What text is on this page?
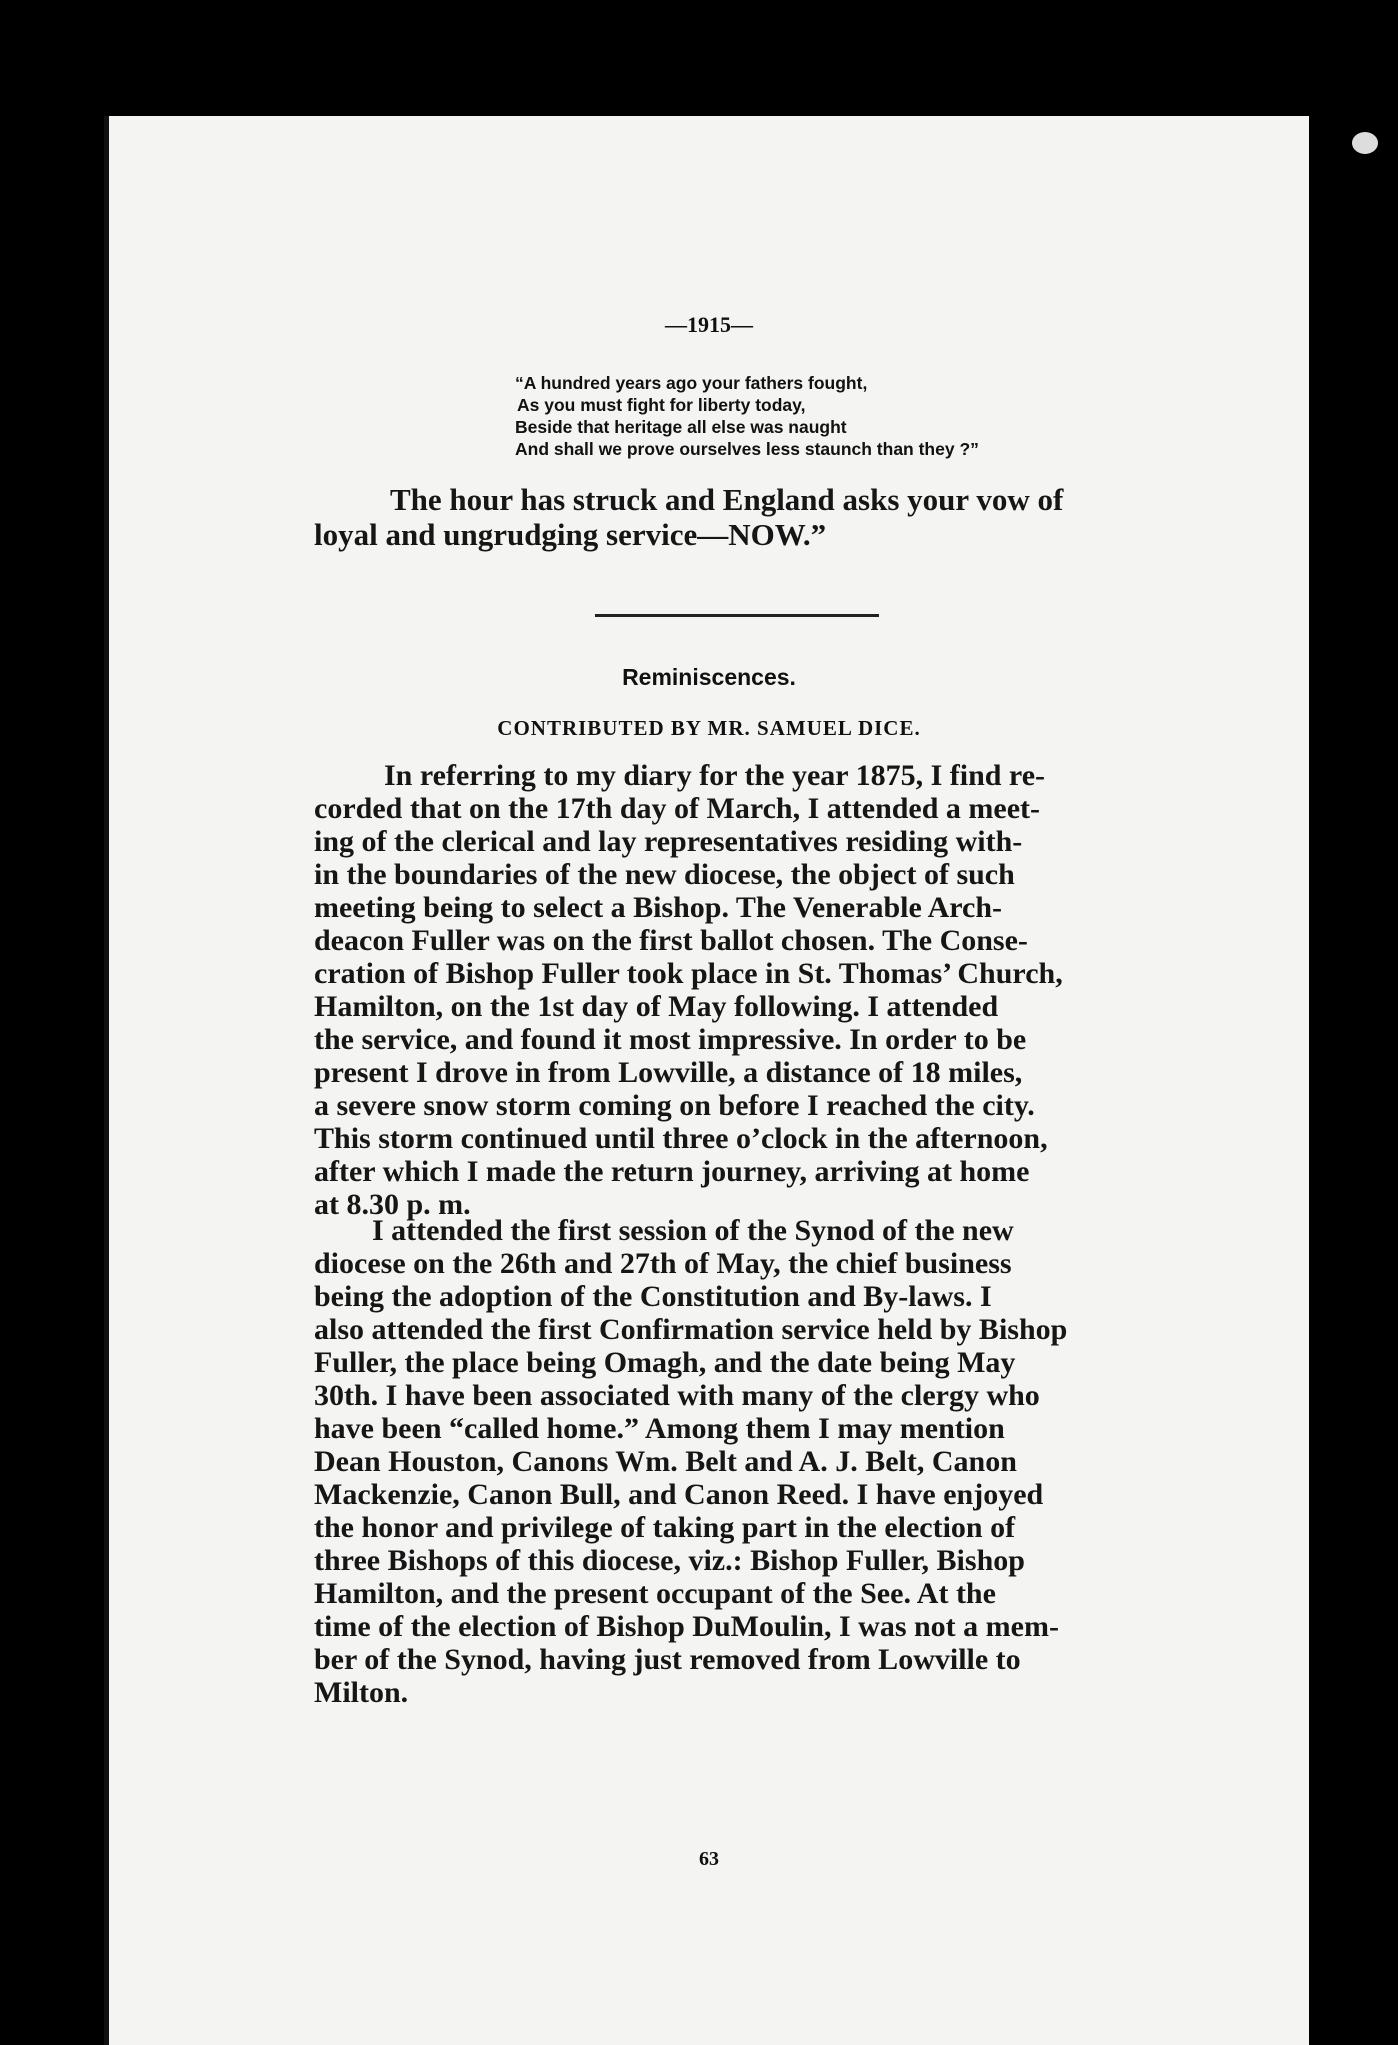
—1915—
“A hundred years ago your fathers fought,
As you must fight for liberty today,
Beside that heritage all else was naught
And shall we prove ourselves less staunch than they ?”
The hour has struck and England asks your vow of
loyal and ungrudging service—NOW.”
Reminiscences.
CONTRIBUTED BY MR. SAMUEL DICE.
In referring to my diary for the year 1875, I find re-
corded that on the 17th day of March, I attended a meet-
ing of the clerical and lay representatives residing with-
in the boundaries of the new diocese, the object of such
meeting being to select a Bishop. The Venerable Arch-
deacon Fuller was on the first ballot chosen. The Conse-
cration of Bishop Fuller took place in St. Thomas’ Church,
Hamilton, on the 1st day of May following. I attended
the service, and found it most impressive. In order to be
present I drove in from Lowville, a distance of 18 miles,
a severe snow storm coming on before I reached the city.
This storm continued until three o’clock in the afternoon,
after which I made the return journey, arriving at home
at 8.30 p. m.
I attended the first session of the Synod of the new
diocese on the 26th and 27th of May, the chief business
being the adoption of the Constitution and By-laws. I
also attended the first Confirmation service held by Bishop
Fuller, the place being Omagh, and the date being May
30th. I have been associated with many of the clergy who
have been “called home.” Among them I may mention
Dean Houston, Canons Wm. Belt and A. J. Belt, Canon
Mackenzie, Canon Bull, and Canon Reed. I have enjoyed
the honor and privilege of taking part in the election of
three Bishops of this diocese, viz.: Bishop Fuller, Bishop
Hamilton, and the present occupant of the See. At the
time of the election of Bishop DuMoulin, I was not a mem-
ber of the Synod, having just removed from Lowville to
Milton.
63
